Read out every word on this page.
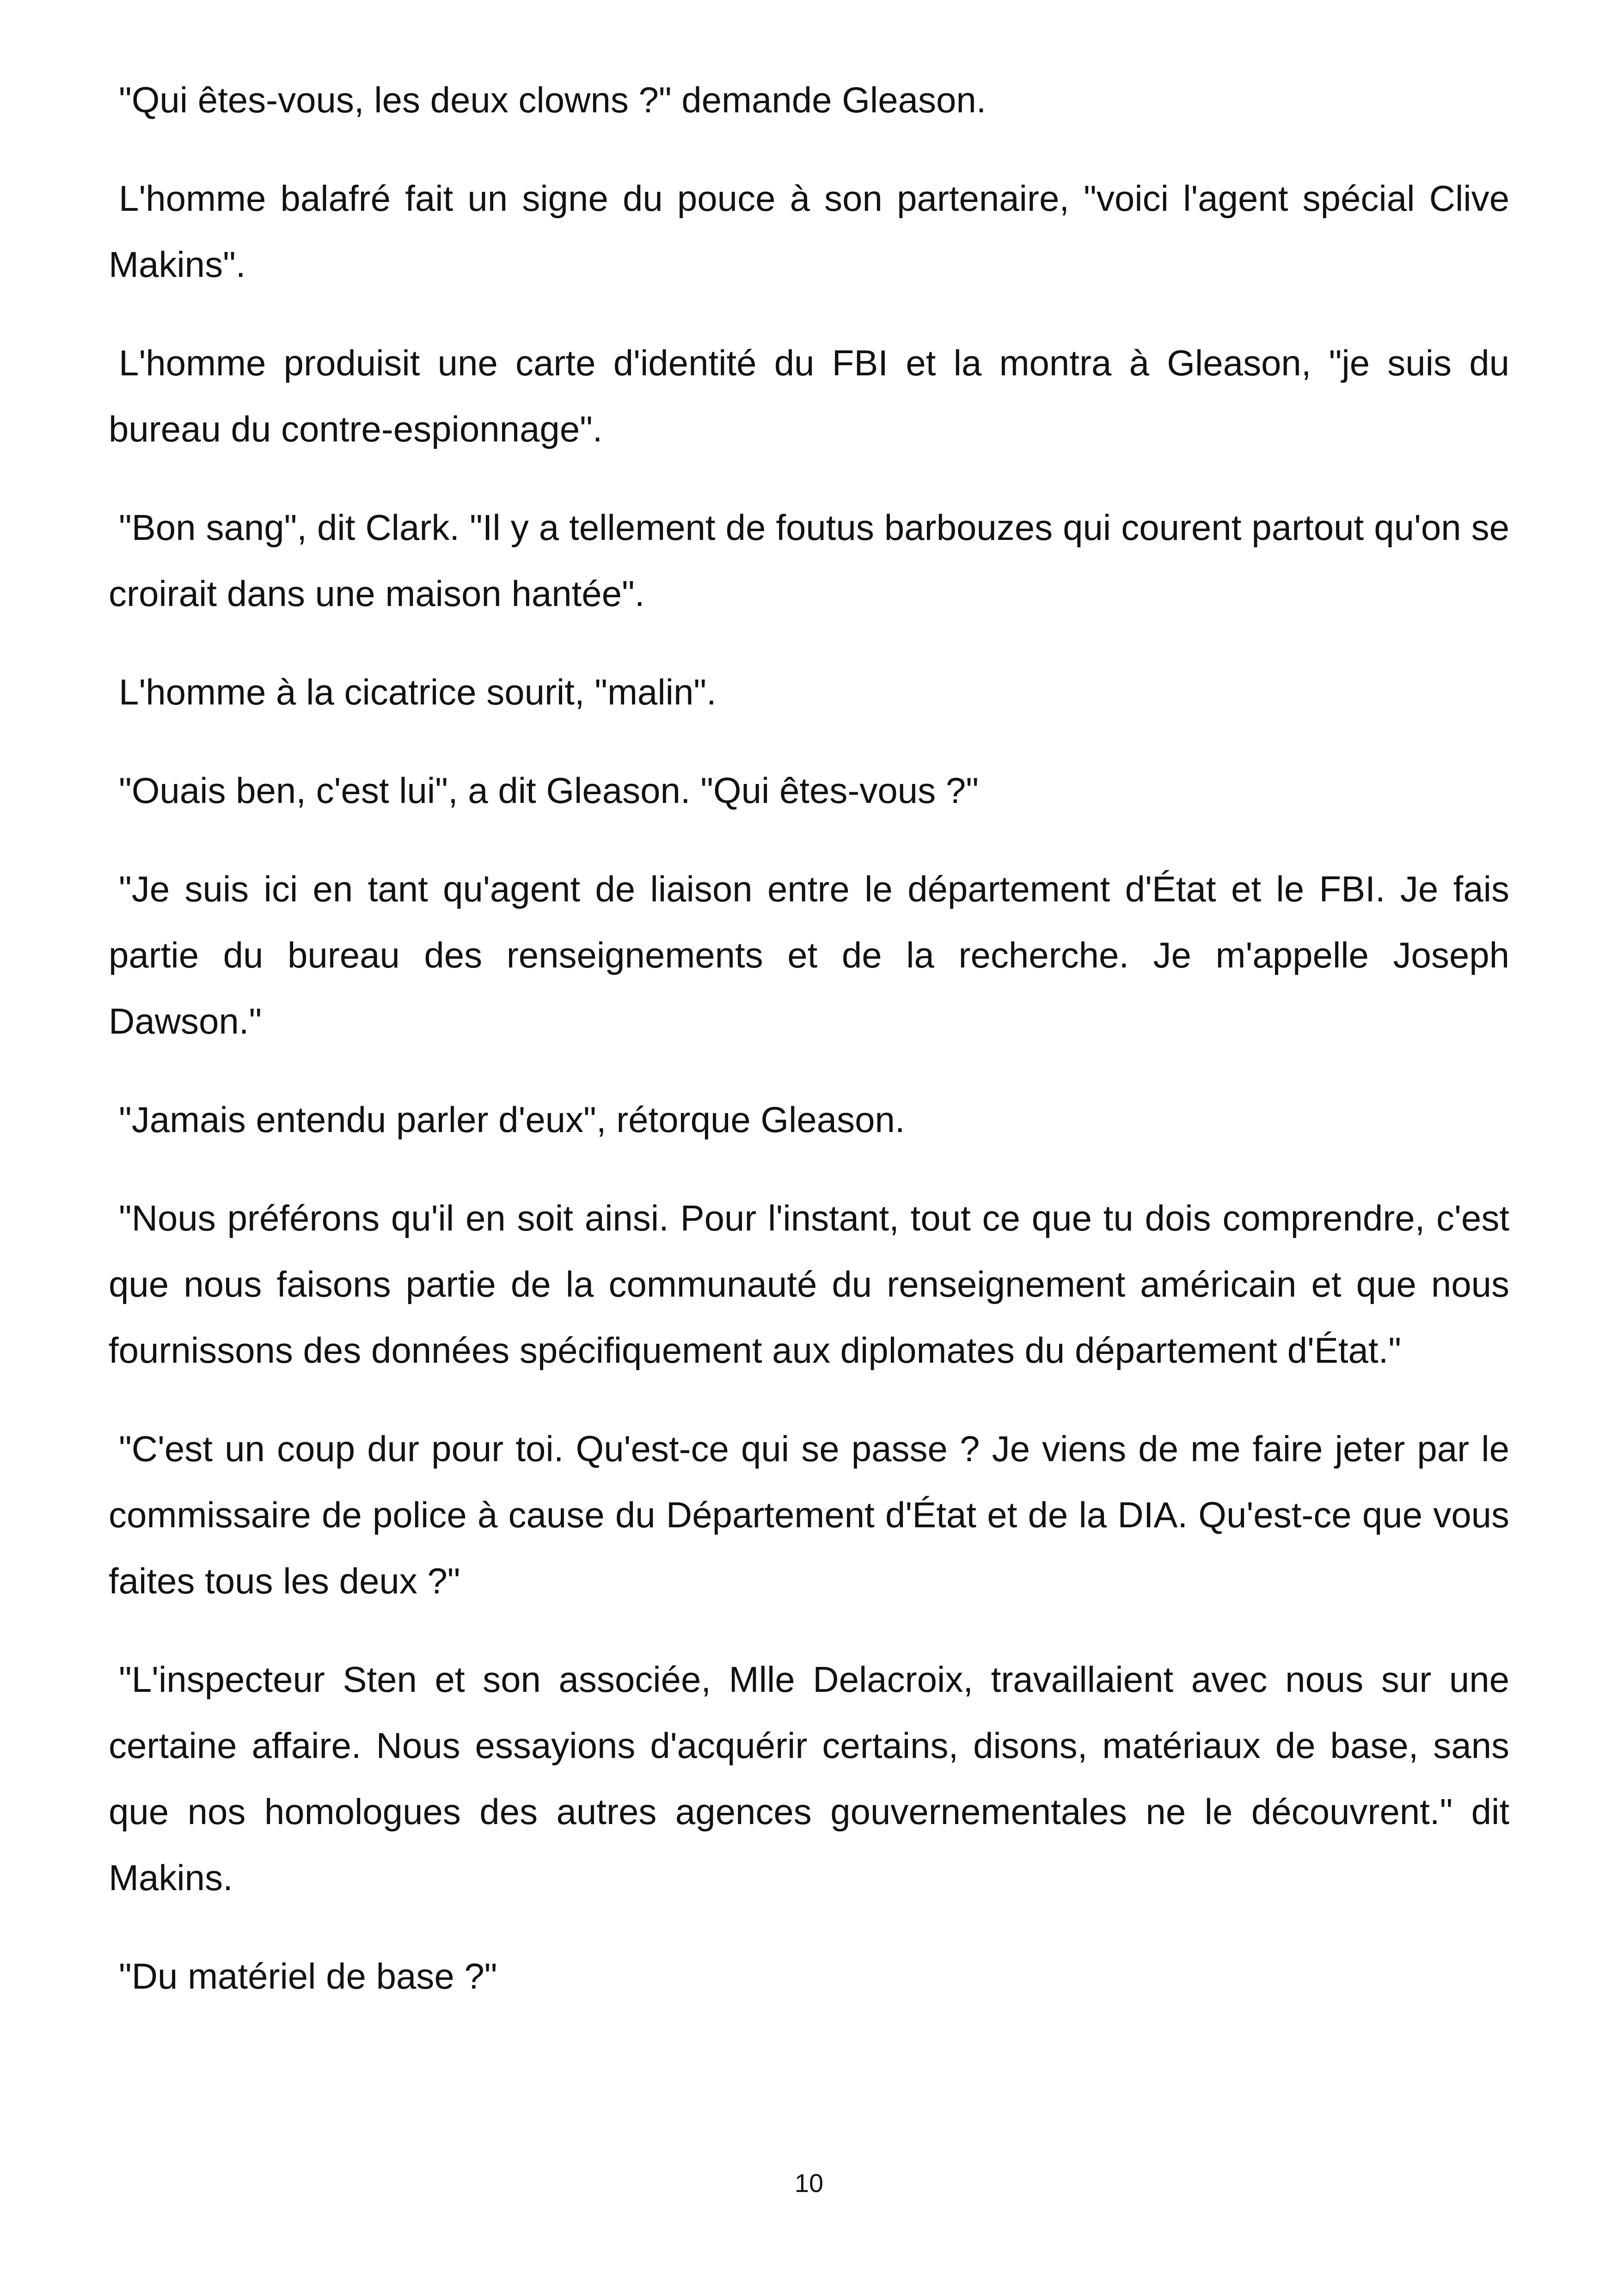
"Qui êtes-vous, les deux clowns ?" demande Gleason.

L'homme balafré fait un signe du pouce à son partenaire, "voici l'agent spécial Clive Makins".

L'homme produisit une carte d'identité du FBI et la montra à Gleason, "je suis du bureau du contre-espionnage".

"Bon sang", dit Clark. "Il y a tellement de foutus barbouzes qui courent partout qu'on se croirait dans une maison hantée".

L'homme à la cicatrice sourit, "malin".

"Ouais ben, c'est lui", a dit Gleason. "Qui êtes-vous ?"

"Je suis ici en tant qu'agent de liaison entre le département d'État et le FBI. Je fais partie du bureau des renseignements et de la recherche. Je m'appelle Joseph Dawson."

"Jamais entendu parler d'eux", rétorque Gleason.

"Nous préférons qu'il en soit ainsi. Pour l'instant, tout ce que tu dois comprendre, c'est que nous faisons partie de la communauté du renseignement américain et que nous fournissons des données spécifiquement aux diplomates du département d'État."

"C'est un coup dur pour toi. Qu'est-ce qui se passe ? Je viens de me faire jeter par le commissaire de police à cause du Département d'État et de la DIA. Qu'est-ce que vous faites tous les deux ?"

"L'inspecteur Sten et son associée, Mlle Delacroix, travaillaient avec nous sur une certaine affaire. Nous essayions d'acquérir certains, disons, matériaux de base, sans que nos homologues des autres agences gouvernementales ne le découvrent." dit Makins.

"Du matériel de base ?"

10
